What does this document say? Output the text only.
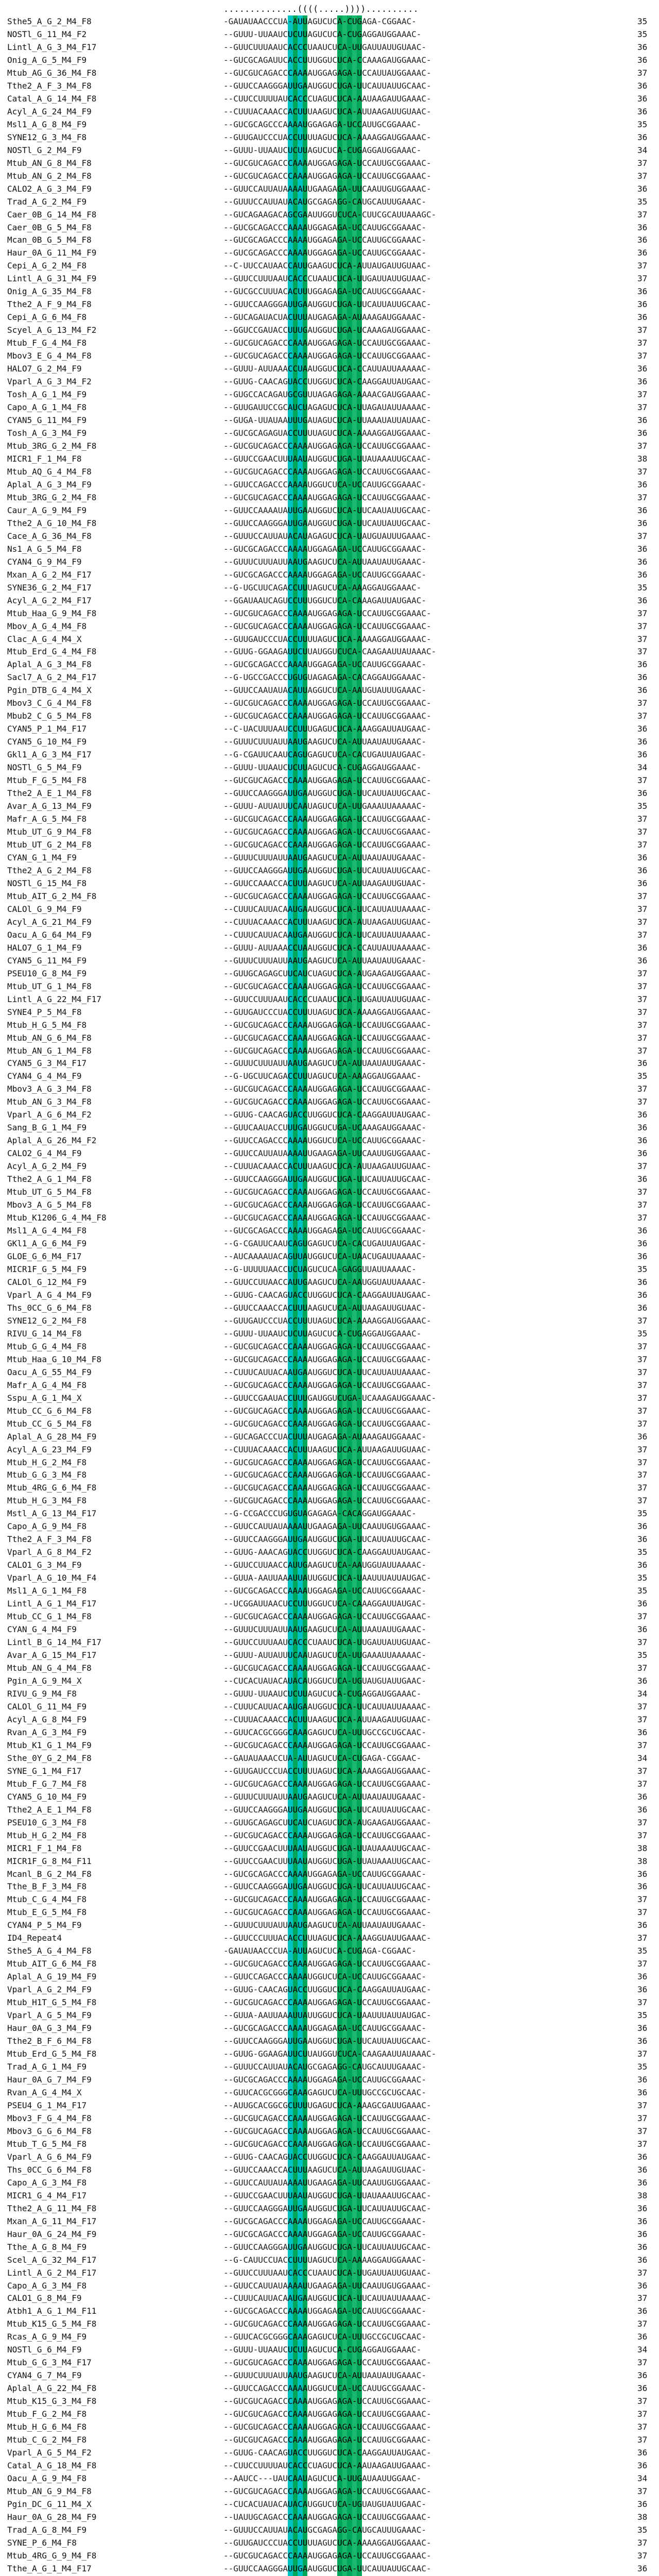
..............((((.....))))..........
Sthe5_A_G_2_M4_F8	-GAUAUAACCCUA-AUUAGUCUCA-CUGAGA-CGGAAC-	35
NOSTl_G_11_M4_F2	--GUUU-UUAAUCUCUUAGUCUCA-CUGAGGAUGGAAAC-	35
Lintl_A_G_3_M4_F17	--GUUCUUUAAUCACCCUAAUCUCA-UUGAUUAUUGUAAC-	36
Onig_A_G_5_M4_F9	--GUCGCAGAUUCACCUUUGGUCUCA-CCAAAGAUGGAAAC-	36
Mtub_AG_G_36_M4_F8	--GUCGUCAGACCCAAAAUGGAGAGA-UCCAUUAUGGAAAC-	37
Tthe2_A_F_3_M4_F8	--GUUCCAAGGGAUUGAAUGGUCUGA-UUCAUUAUUGCAAC-	36
Catal_A_G_14_M4_F8	--CUUCCUUUUAUCACCCUAGUCUCA-AAUAAGAUUGAAAC-	36
Acyl_A_G_24_M4_F9	--CUUUACAAACCACUUUAAGUCUCA-AUUAAGAUUGUAAC-	36
Msl1_A_G_8_M4_F9	--GUCGCAGCCCAAAAUGGAGAGA-UCCAUUGCGGAAAC-	35
SYNE12_G_3_M4_F8	--GUUGAUCCCUACCUUUUAGUCUCA-AAAAGGAUGGAAAC-	36
NOSTl_G_2_M4_F9	--GUUU-UUAAUCUCUUAGUCUCA-CUGAGGAUGGAAAC-	34
Mtub_AN_G_8_M4_F8	--GUCGUCAGACCCAAAAUGGAGAGA-UCCAUUGCGGAAAC-	37
Mtub_AN_G_2_M4_F8	--GUCGUCAGACCCAAAAUGGAGAGA-UCCAUUGCGGAAAC-	37
CALO2_A_G_3_M4_F9	--GUUCCAUUAUAAAAUUGAAGAGA-UUCAAUUGUGGAAAC-	36
Trad_A_G_2_M4_F9	--GUUUCCAUUAUACAUGCGAGAGG-CAUGCAUUUGAAAC-	35
Caer_0B_G_14_M4_F8	--GUCAGAAGACAGCGAAUUGGUCUCA-CUUCGCAUUAAAGC-	37
Caer_0B_G_5_M4_F8	--GUCGCAGACCCAAAAUGGAGAGA-UCCAUUGCGGAAAC-	36
Mcan_0B_G_5_M4_F8	--GUCGCAGACCCAAAAUGGAGAGA-UCCAUUGCGGAAAC-	36
Haur_0A_G_11_M4_F9	--GUCGCAGACCCAAAAUGGAGAGA-UCCAUUGCGGAAAC-	36
Cepi_A_G_2_M4_F8	--C-UUCCAUAACCAUUGAAGUCUCA-AUUAUGAUUGUAAC-	37
Lintl_A_G_31_M4_F9	--GUUCCUUUAAUCACCCUAAUCUCA-UUGAUUAUUGUAAC-	37
Onig_A_G_35_M4_F8	--GUCGCCUUUACACUUUGGAGAGA-UCCAUUGCGGAAAC-	36
Tthe2_A_F_9_M4_F8	--GUUCCAAGGGAUUGAAUGGUCUGA-UUCAUUAUUGCAAC-	36
Cepi_A_G_6_M4_F8	--GUCAGAUACUACUUUAUGAGAGA-AUAAAGAUGGAAAC-	36
Scyel_A_G_13_M4_F2	--GGUCCGAUACCUUUGAUGGUCUGA-UCAAAGAUGGAAAC-	37
Mtub_F_G_4_M4_F8	--GUCGUCAGACCCAAAAUGGAGAGA-UCCAUUGCGGAAAC-	37
Mbov3_E_G_4_M4_F8	--GUCGUCAGACCCAAAAUGGAGAGA-UCCAUUGCGGAAAC-	37
HALO7_G_2_M4_F9	--GUUU-AUUAAACCUAAUGGUCUCA-CCAUUAUUAAAAAC-	36
Vparl_A_G_3_M4_F2	--GUUG-CAACAGUACCUUGGUCUCA-CAAGGAUUAUGAAC-	36
Tosh_A_G_1_M4_F9	--GUGCCACAGAUGCGUUUAGAGAGA-AAAACGAUGGAAAC-	37
Capo_A_G_1_M4_F8	--GUUGAUUCCGCAUCUAGAGUCUCA-UUAGAUAUUAAAAC-	37
CYAN5_G_11_M4_F9	--GUGA-UUAUAAUUUGAUAGUCUCA-UUAAAUAUUAUAAC-	36
Tosh_A_G_3_M4_F9	--GUCGCAGAGUACCUUUUAGUCUCA-AAAAGGAUGGAAAC-	36
Mtub_3RG_G_2_M4_F8	--GUCGUCAGACCCAAAAUGGAGAGA-UCCAUUGCGGAAAC-	37
MICR1_F_1_M4_F8	--GUUCCGAACUUUAAUAUGGUCUGA-UUAUAAAUUGCAAC-	38
Mtub_AQ_G_4_M4_F8	--GUCGUCAGACCCAAAAUGGAGAGA-UCCAUUGCGGAAAC-	37
Aplal_A_G_3_M4_F9	--GUUCCAGACCCAAAAUGGUCUCA-UCCAUUGCGGAAAC-	36
Mtub_3RG_G_2_M4_F8	--GUCGUCAGACCCAAAAUGGAGAGA-UCCAUUGCGGAAAC-	37
Caur_A_G_9_M4_F9	--GUUCCAAAAUAUUGAAUGGUCUCA-UUCAAUAUUGCAAC-	36
Tthe2_A_G_10_M4_F8	--GUUCCAAGGGAUUGAAUGGUCUGA-UUCAUUAUUGCAAC-	36
Cace_A_G_36_M4_F8	--GUUUCCAUUAUACAUAGAGUCUCA-UAUGUAUUUGAAAC-	37
Ns1_A_G_5_M4_F8	--GUCGCAGACCCAAAAUGGAGAGA-UCCAUUGCGGAAAC-	36
CYAN4_G_9_M4_F9	--GUUUCUUUAUUAAUGAAGUCUCA-AUUAAUAUUGAAAC-	36
Mxan_A_G_2_M4_F17	--GUCGCAGACCCAAAAUGGAGAGA-UCCAUUGCGGAAAC-	36
SYNE36_G_2_M4_F17	--G-UGCUUCAGACCUUUAGUCUCA-AAAGGAUGGAAAC-	35
Acyl_A_G_2_M4_F17	--GGAUAAUCAGUCCUUUGGUCUCA-CAAAGAUUAUGAAC-	36
Mtub_Haa_G_9_M4_F8	--GUCGUCAGACCCAAAAUGGAGAGA-UCCAUUGCGGAAAC-	37
Mbov_A_G_4_M4_F8	--GUCGUCAGACCCAAAAUGGAGAGA-UCCAUUGCGGAAAC-	37
Clac_A_G_4_M4_X	--GUUGAUCCCUACCUUUUAGUCUCA-AAAAGGAUGGAAAC-	37
Mtub_Erd_G_4_M4_F8	--GUUG-GGAAGAUUCUUAUGGUCUCA-CAAGAAUUAUAAAC-	37
Aplal_A_G_3_M4_F8	--GUCGCAGACCCAAAAUGGAGAGA-UCCAUUGCGGAAAC-	36
Sacl7_A_G_2_M4_F17	--G-UGCCGACCCUGUGUAGAGAGA-CACAGGAUGGAAAC-	36
Pgin_DTB_G_4_M4_X	--GUUCCAAUAUACAUUAGGUCUCA-AAUGUAUUUGAAAC-	36
Mbov3_C_G_4_M4_F8	--GUCGUCAGACCCAAAAUGGAGAGA-UCCAUUGCGGAAAC-	37
Mbub2_C_G_5_M4_F8	--GUCGUCAGACCCAAAAUGGAGAGA-UCCAUUGCGGAAAC-	37
CYAN5_P_1_M4_F17	--C-UACUUUAAUCCUUUGAGUCUCA-AAAGGAUUAUGAAC-	36
CYAN5_G_10_M4_F9	--GUUUCUUUAUUAAUGAAGUCUCA-AUUAAUAUUGAAAC-	36
Gkl1_A_G_3_M4_F17	--G-CGAUUCAAUCAGUGAGUCUCA-CACUGAUUAUGAAC-	36
NOSTl_G_5_M4_F9	--GUUU-UUAAUCUCUUAGUCUCA-CUGAGGAUGGAAAC-	34
Mtub_F_G_5_M4_F8	--GUCGUCAGACCCAAAAUGGAGAGA-UCCAUUGCGGAAAC-	37
Tthe2_A_E_1_M4_F8	--GUUCCAAGGGAUUGAAUGGUCUGA-UUCAUUAUUGCAAC-	36
Avar_A_G_13_M4_F9	--GUUU-AUUAUUUCAAUAGUCUCA-UUGAAAUUAAAAAC-	35
Mafr_A_G_5_M4_F8	--GUCGUCAGACCCAAAAUGGAGAGA-UCCAUUGCGGAAAC-	37
Mtub_UT_G_9_M4_F8	--GUCGUCAGACCCAAAAUGGAGAGA-UCCAUUGCGGAAAC-	37
Mtub_UT_G_2_M4_F8	--GUCGUCAGACCCAAAAUGGAGAGA-UCCAUUGCGGAAAC-	37
CYAN_G_1_M4_F9	--GUUUCUUUAUUAAUGAAGUCUCA-AUUAAUAUUGAAAC-	36
Tthe2_A_G_2_M4_F8	--GUUCCAAGGGAUUGAAUGGUCUGA-UUCAUUAUUGCAAC-	36
NOSTl_G_15_M4_F8	--GUUCCAAACCACUUUAAGUCUCA-AUUAAGAUUGUAAC-	36
Mtub_AIT_G_2_M4_F8	--GUCGUCAGACCCAAAAUGGAGAGA-UCCAUUGCGGAAAC-	37
CALOl_G_9_M4_F9	--CUUUCAUUACAAUGAAUGGUCUCA-UUCAUUAUUAAAAC-	37
Acyl_A_G_21_M4_F9	--CUUUACAAACCACUUUAAGUCUCA-AUUAAGAUUGUAAC-	37
Oacu_A_G_64_M4_F9	--CUUUCAUUACAAUGAAUGGUCUCA-UUCAUUAUUAAAAC-	37
HALO7_G_1_M4_F9	--GUUU-AUUAAACCUAAUGGUCUCA-CCAUUAUUAAAAAC-	36
CYAN5_G_11_M4_F9	--GUUUCUUUAUUAAUGAAGUCUCA-AUUAAUAUUGAAAC-	36
PSEU10_G_8_M4_F9	--GUUGCAGAGCUUCAUCUAGUCUCA-AUGAAGAUGGAAAC-	37
Mtub_UT_G_1_M4_F8	--GUCGUCAGACCCAAAAUGGAGAGA-UCCAUUGCGGAAAC-	37
Lintl_A_G_22_M4_F17	--GUUCCUUUAAUCACCCUAAUCUCA-UUGAUUAUUGUAAC-	37
SYNE4_P_5_M4_F8	--GUUGAUCCCUACCUUUUAGUCUCA-AAAAGGAUGGAAAC-	37
Mtub_H_G_5_M4_F8	--GUCGUCAGACCCAAAAUGGAGAGA-UCCAUUGCGGAAAC-	37
Mtub_AN_G_6_M4_F8	--GUCGUCAGACCCAAAAUGGAGAGA-UCCAUUGCGGAAAC-	37
Mtub_AN_G_1_M4_F8	--GUCGUCAGACCCAAAAUGGAGAGA-UCCAUUGCGGAAAC-	37
CYAN5_G_3_M4_F17	--GUUUCUUUAUUAAUGAAGUCUCA-AUUAAUAUUGAAAC-	36
CYAN4_G_4_M4_F9	--G-UGCUUCAGACCUUUAGUCUCA-AAAGGAUGGAAAC-	35
Mbov3_A_G_3_M4_F8	--GUCGUCAGACCCAAAAUGGAGAGA-UCCAUUGCGGAAAC-	37
Mtub_AN_G_3_M4_F8	--GUCGUCAGACCCAAAAUGGAGAGA-UCCAUUGCGGAAAC-	37
Vparl_A_G_6_M4_F2	--GUUG-CAACAGUACCUUGGUCUCA-CAAGGAUUAUGAAC-	36
Sang_B_G_1_M4_F9	--GUUCAAUACCUUUGAUGGUCUGA-UCAAAGAUGGAAAC-	36
Aplal_A_G_26_M4_F2	--GUUCCAGACCCAAAAUGGUCUCA-UCCAUUGCGGAAAC-	36
CALO2_G_4_M4_F9	--GUUCCAUUAUAAAAUUGAAGAGA-UUCAAUUGUGGAAAC-	36
Acyl_A_G_2_M4_F9	--CUUUACAAACCACUUUAAGUCUCA-AUUAAGAUUGUAAC-	37
Tthe2_A_G_1_M4_F8	--GUUCCAAGGGAUUGAAUGGUCUGA-UUCAUUAUUGCAAC-	36
Mtub_UT_G_5_M4_F8	--GUCGUCAGACCCAAAAUGGAGAGA-UCCAUUGCGGAAAC-	37
Mbov3_A_G_5_M4_F8	--GUCGUCAGACCCAAAAUGGAGAGA-UCCAUUGCGGAAAC-	37
Mtub_K1206_G_4_M4_F8	--GUCGUCAGACCCAAAAUGGAGAGA-UCCAUUGCGGAAAC-	37
Msl1_A_G_4_M4_F8	--GUCGCAGACCCAAAAUGGAGAGA-UCCAUUGCGGAAAC-	36
GKl1_A_G_6_M4_F9	--G-CGAUUCAAUCAGUGAGUCUCA-CACUGAUUAUGAAC-	36
GLOE_G_6_M4_F17	--AUCAAAAUACAGUUAUGGUCUCA-UAACUGAUUAAAAC-	36
MICR1F_G_5_M4_F9	--G-UUUUUAACCUCUAGUCUCA-GAGGUUAUUAAAAC-	35
CALOl_G_12_M4_F9	--GUUCCUUAACCAUUGAAGUCUCA-AAUGGUAUUAAAAC-	36
Vparl_A_G_4_M4_F9	--GUUG-CAACAGUACCUUGGUCUCA-CAAGGAUUAUGAAC-	36
Ths_0CC_G_6_M4_F8	--GUUCCAAACCACUUUAAGUCUCA-AUUAAGAUUGUAAC-	36
SYNE12_G_2_M4_F8	--GUUGAUCCCUACCUUUUAGUCUCA-AAAAGGAUGGAAAC-	37
RIVU_G_14_M4_F8	--GUUU-UUAAUCUCUUAGUCUCA-CUGAGGAUGGAAAC-	35
Mtub_G_G_4_M4_F8	--GUCGUCAGACCCAAAAUGGAGAGA-UCCAUUGCGGAAAC-	37
Mtub_Haa_G_10_M4_F8	--GUCGUCAGACCCAAAAUGGAGAGA-UCCAUUGCGGAAAC-	37
Oacu_A_G_55_M4_F9	--CUUUCAUUACAAUGAAUGGUCUCA-UUCAUUAUUAAAAC-	37
Mafr_A_G_4_M4_F8	--GUCGUCAGACCCAAAAUGGAGAGA-UCCAUUGCGGAAAC-	37
Sspu_A_G_1_M4_X	--GUUCCGAAUACCUUUGAUGGUCUGA-UCAAAGAUGGAAAC-	37
Mtub_CC_G_6_M4_F8	--GUCGUCAGACCCAAAAUGGAGAGA-UCCAUUGCGGAAAC-	37
Mtub_CC_G_5_M4_F8	--GUCGUCAGACCCAAAAUGGAGAGA-UCCAUUGCGGAAAC-	37
Aplal_A_G_28_M4_F9	--GUCAGACCCUACUUUAUGAGAGA-AUAAAGAUGGAAAC-	36
Acyl_A_G_23_M4_F9	--CUUUACAAACCACUUUAAGUCUCA-AUUAAGAUUGUAAC-	37
Mtub_H_G_2_M4_F8	--GUCGUCAGACCCAAAAUGGAGAGA-UCCAUUGCGGAAAC-	37
Mtub_G_G_3_M4_F8	--GUCGUCAGACCCAAAAUGGAGAGA-UCCAUUGCGGAAAC-	37
Mtub_4RG_G_6_M4_F8	--GUCGUCAGACCCAAAAUGGAGAGA-UCCAUUGCGGAAAC-	37
Mtub_H_G_3_M4_F8	--GUCGUCAGACCCAAAAUGGAGAGA-UCCAUUGCGGAAAC-	37
Mstl_A_G_13_M4_F17	--G-CCGACCCUGUGUAGAGAGA-CACAGGAUGGAAAC-	35
Capo_A_G_9_M4_F8	--GUUCCAUUAUAAAAUUGAAGAGA-UUCAAUUGUGGAAAC-	36
Tthe2_A_F_3_M4_F8	--GUUCCAAGGGAUUGAAUGGUCUGA-UUCAUUAUUGCAAC-	36
Vparl_A_G_8_M4_F2	--GUUG-AAACAGUACCUUGGUCUCA-CAAGGAUUAUGAAC-	35
CALO1_G_3_M4_F9	--GUUCCUUAACCAUUGAAGUCUCA-AAUGGUAUUAAAAC-	36
Vparl_A_G_10_M4_F4	--GUUA-AAUUAAAUUAUUGGUCUCA-UAAUUUAUUAUGAC-	35
Msl1_A_G_1_M4_F8	--GUCGCAGACCCAAAAUGGAGAGA-UCCAUUGCGGAAAC-	35
Lintl_A_G_1_M4_F17	--UCGGAUUAACUCCUUUGGUCUCA-CAAAGGAUUAUGAC-	36
Mtub_CC_G_1_M4_F8	--GUCGUCAGACCCAAAAUGGAGAGA-UCCAUUGCGGAAAC-	37
CYAN_G_4_M4_F9	--GUUUCUUUAUUAAUGAAGUCUCA-AUUAAUAUUGAAAC-	36
Lintl_B_G_14_M4_F17	--GUUCCUUUAAUCACCCUAAUCUCA-UUGAUUAUUGUAAC-	37
Avar_A_G_15_M4_F17	--GUUU-AUUAUUUCAAUAGUCUCA-UUGAAAUUAAAAAC-	35
Mtub_AN_G_4_M4_F8	--GUCGUCAGACCCAAAAUGGAGAGA-UCCAUUGCGGAAAC-	37
Pgin_A_G_9_M4_X	--CUCACUAUACAUACAUGGUCUCA-UGUAUGUAUUGAAC-	36
RIVU_G_9_M4_F8	--GUUU-UUAAUCUCUUAGUCUCA-CUGAGGAUGGAAAC-	34
CALOl_G_11_M4_F9	--CUUUCAUUACAAUGAAUGGUCUCA-UUCAUUAUUAAAAC-	37
Acyl_A_G_8_M4_F9	--CUUUACAAACCACUUUAAGUCUCA-AUUAAGAUUGUAAC-	37
Rvan_A_G_3_M4_F9	--GUUCACGCGGGCAAAGAGUCUCA-UUUGCCGCUGCAAC-	36
Mtub_K1_G_1_M4_F9	--GUCGUCAGACCCAAAAUGGAGAGA-UCCAUUGCGGAAAC-	37
Sthe_0Y_G_2_M4_F8	--GAUAUAAACCUA-AUUAGUCUCA-CUGAGA-CGGAAC-	34
SYNE_G_1_M4_F17	--GUUGAUCCCUACCUUUUAGUCUCA-AAAAGGAUGGAAAC-	37
Mtub_F_G_7_M4_F8	--GUCGUCAGACCCAAAAUGGAGAGA-UCCAUUGCGGAAAC-	37
CYAN5_G_10_M4_F9	--GUUUCUUUAUUAAUGAAGUCUCA-AUUAAUAUUGAAAC-	36
Tthe2_A_E_1_M4_F8	--GUUCCAAGGGAUUGAAUGGUCUGA-UUCAUUAUUGCAAC-	36
PSEU10_G_3_M4_F8	--GUUGCAGAGCUUCAUCUAGUCUCA-AUGAAGAUGGAAAC-	37
Mtub_H_G_2_M4_F8	--GUCGUCAGACCCAAAAUGGAGAGA-UCCAUUGCGGAAAC-	37
MICR1_F_1_M4_F8	--GUUCCGAACUUUAAUAUGGUCUGA-UUAUAAAUUGCAAC-	38
MICR1F_G_8_M4_F11	--GUUCCGAACUUUAAUAUGGUCUGA-UUAUAAAUUGCAAC-	38
Mcanl_B_G_2_M4_F8	--GUCGCAGACCCAAAAUGGAGAGA-UCCAUUGCGGAAAC-	36
Tthe_B_F_3_M4_F8	--GUUCCAAGGGAUUGAAUGGUCUGA-UUCAUUAUUGCAAC-	36
Mtub_C_G_4_M4_F8	--GUCGUCAGACCCAAAAUGGAGAGA-UCCAUUGCGGAAAC-	37
Mtub_E_G_5_M4_F8	--GUCGUCAGACCCAAAAUGGAGAGA-UCCAUUGCGGAAAC-	37
CYAN4_P_5_M4_F9	--GUUUCUUUAUUAAUGAAGUCUCA-AUUAAUAUUGAAAC-	36
ID4_Repeat4	--GUUCCCUUUACACCUUUAGUCUCA-AAAGGUAUUGAAAC-	37
Sthe5_A_G_4_M4_F8	-GAUAUAACCCUA-AUUAGUCUCA-CUGAGA-CGGAAC-	35
Mtub_AIT_G_6_M4_F8	--GUCGUCAGACCCAAAAUGGAGAGA-UCCAUUGCGGAAAC-	37
Aplal_A_G_19_M4_F9	--GUUCCAGACCCAAAAUGGUCUCA-UCCAUUGCGGAAAC-	36
Vparl_A_G_2_M4_F9	--GUUG-CAACAGUACCUUGGUCUCA-CAAGGAUUAUGAAC-	36
Mtub_H1T_G_5_M4_F8	--GUCGUCAGACCCAAAAUGGAGAGA-UCCAUUGCGGAAAC-	37
Vparl_A_G_5_M4_F9	--GUUA-AAUUAAAUUAUUGGUCUCA-UAAUUUAUUAUGAC-	35
Haur_0A_G_3_M4_F9	--GUCGCAGACCCAAAAUGGAGAGA-UCCAUUGCGGAAAC-	36
Tthe2_B_F_6_M4_F8	--GUUCCAAGGGAUUGAAUGGUCUGA-UUCAUUAUUGCAAC-	36
Mtub_Erd_G_5_M4_F8	--GUUG-GGAAGAUUCUUAUGGUCUCA-CAAGAAUUAUAAAC-	37
Trad_A_G_1_M4_F9	--GUUUCCAUUAUACAUGCGAGAGG-CAUGCAUUUGAAAC-	35
Haur_0A_G_7_M4_F9	--GUCGCAGACCCAAAAUGGAGAGA-UCCAUUGCGGAAAC-	36
Rvan_A_G_4_M4_X	--GUUCACGCGGGCAAAGAGUCUCA-UUUGCCGCUGCAAC-	36
PSEU4_G_1_M4_F17	--AUUGCACGGCGCUUUUGAGUCUCA-AAAGCGAUUGAAAC-	37
Mbov3_F_G_4_M4_F8	--GUCGUCAGACCCAAAAUGGAGAGA-UCCAUUGCGGAAAC-	37
Mbov3_G_G_6_M4_F8	--GUCGUCAGACCCAAAAUGGAGAGA-UCCAUUGCGGAAAC-	37
Mtub_T_G_5_M4_F8	--GUCGUCAGACCCAAAAUGGAGAGA-UCCAUUGCGGAAAC-	37
Vparl_A_G_6_M4_F9	--GUUG-CAACAGUACCUUGGUCUCA-CAAGGAUUAUGAAC-	36
Ths_0CC_G_6_M4_F8	--GUUCCAAACCACUUUAAGUCUCA-AUUAAGAUUGUAAC-	36
Capo_A_G_3_M4_F8	--GUUCCAUUAUAAAAUUGAAGAGA-UUCAAUUGUGGAAAC-	36
MICR1_G_4_M4_F17	--GUUCCGAACUUUAAUAUGGUCUGA-UUAUAAAUUGCAAC-	38
Tthe2_A_G_11_M4_F8	--GUUCCAAGGGAUUGAAUGGUCUGA-UUCAUUAUUGCAAC-	36
Mxan_A_G_11_M4_F17	--GUCGCAGACCCAAAAUGGAGAGA-UCCAUUGCGGAAAC-	36
Haur_0A_G_24_M4_F9	--GUCGCAGACCCAAAAUGGAGAGA-UCCAUUGCGGAAAC-	36
Tthe_A_G_8_M4_F9	--GUUCCAAGGGAUUGAAUGGUCUGA-UUCAUUAUUGCAAC-	36
Scel_A_G_32_M4_F17	--G-CAUUCCUACCUUUUAGUCUCA-AAAAGGAUGGAAAC-	36
Lintl_A_G_2_M4_F17	--GUUCCUUUAAUCACCCUAAUCUCA-UUGAUUAUUGUAAC-	37
Capo_A_G_3_M4_F8	--GUUCCAUUAUAAAAUUGAAGAGA-UUCAAUUGUGGAAAC-	36
CALO1_G_8_M4_F9	--CUUUCAUUACAAUGAAUGGUCUCA-UUCAUUAUUAAAAC-	37
Atbh1_A_G_1_M4_F11	--GUCGCAGACCCAAAAUGGAGAGA-UCCAUUGCGGAAAC-	36
Mtub_K15_G_5_M4_F8	--GUCGUCAGACCCAAAAUGGAGAGA-UCCAUUGCGGAAAC-	37
Rcas_A_G_9_M4_F9	--GUUCACGCGGGCAAAGAGUCUCA-UUUGCCGCUGCAAC-	36
NOSTl_G_6_M4_F9	--GUUU-UUAAUCUCUUAGUCUCA-CUGAGGAUGGAAAC-	34
Mtub_G_G_3_M4_F17	--GUCGUCAGACCCAAAAUGGAGAGA-UCCAUUGCGGAAAC-	37
CYAN4_G_7_M4_F9	--GUUUCUUUAUUAAUGAAGUCUCA-AUUAAUAUUGAAAC-	36
Aplal_A_G_22_M4_F8	--GUUCCAGACCCAAAAUGGUCUCA-UCCAUUGCGGAAAC-	36
Mtub_K15_G_3_M4_F8	--GUCGUCAGACCCAAAAUGGAGAGA-UCCAUUGCGGAAAC-	37
Mtub_F_G_2_M4_F8	--GUCGUCAGACCCAAAAUGGAGAGA-UCCAUUGCGGAAAC-	37
Mtub_H_G_6_M4_F8	--GUCGUCAGACCCAAAAUGGAGAGA-UCCAUUGCGGAAAC-	37
Mtub_C_G_2_M4_F8	--GUCGUCAGACCCAAAAUGGAGAGA-UCCAUUGCGGAAAC-	37
Vparl_A_G_5_M4_F2	--GUUG-CAACAGUACCUUGGUCUCA-CAAGGAUUAUGAAC-	36
Catal_A_G_18_M4_F8	--CUUCCUUUUAUCACCCUAGUCUCA-AAUAAGAUUGAAAC-	36
Oacu_A_G_9_M4_F8	--AAUCC---UAUCAAUAGUCUCA-UUGAUAAUUGGAAC-	34
Mtub_AN_G_9_M4_F8	--GUCGUCAGACCCAAAAUGGAGAGA-UCCAUUGCGGAAAC-	37
Pgin_DC_G_11_M4_X	--CUCACUAUACAUACAUGGUCUCA-UGUAUGUAUUGAAC-	36
Haur_0A_G_28_M4_F9	--UAUUGCAGACCCAAAAUGGAGAGA-UCCAUUGCGGAAAC-	38
Trad_A_G_8_M4_F9	--GUUUCCAUUAUACAUGCGAGAGG-CAUGCAUUUGAAAC-	35
SYNE_P_6_M4_F8	--GUUGAUCCCUACCUUUUAGUCUCA-AAAAGGAUGGAAAC-	37
Mtub_4RG_G_9_M4_F8	--GUCGUCAGACCCAAAAUGGAGAGA-UCCAUUGCGGAAAC-	37
Tthe_A_G_1_M4_F17	--GUUCCAAGGGAUUGAAUGGUCUGA-UUCAUUAUUGCAAC-	36
